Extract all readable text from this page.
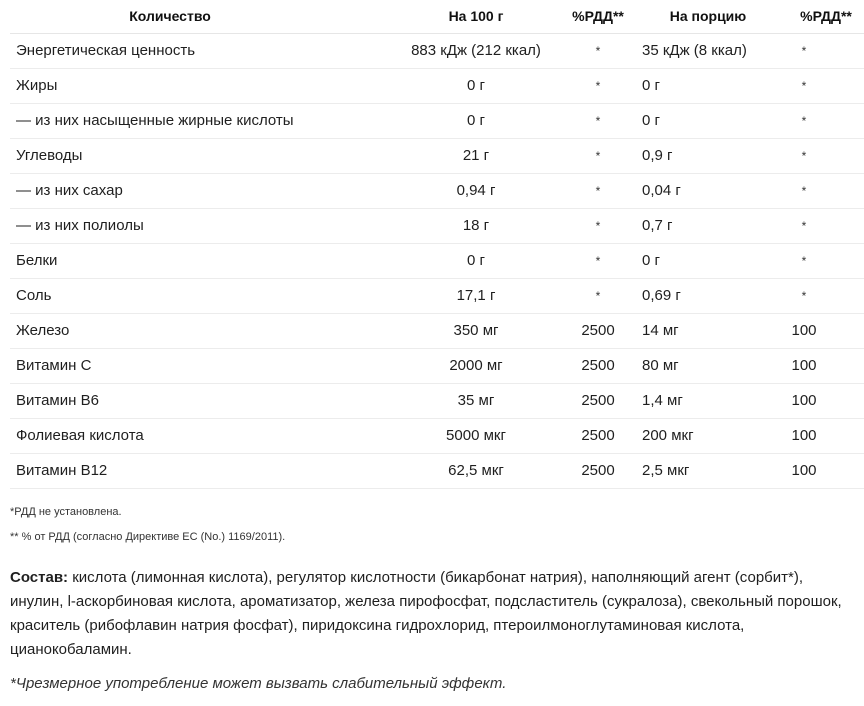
Количество	На 100 г	%РДД**	На порцию	%РДД**
Энергетическая ценность	883 кДж (212 ккал)	*	35 кДж (8 ккал)	*
Жиры	0 г	*	0 г	*
— из них насыщенные жирные кислоты	0 г	*	0 г	*
Углеводы	21 г	*	0,9 г	*
— из них сахар	0,94 г	*	0,04 г	*
— из них полиолы	18 г	*	0,7 г	*
Белки	0 г	*	0 г	*
Соль	17,1 г	*	0,69 г	*
Железо	350 мг	2500	14 мг	100
Витамин C	2000 мг	2500	80 мг	100
Витамин B6	35 мг	2500	1,4 мг	100
Фолиевая кислота	5000 мкг	2500	200 мкг	100
Витамин B12	62,5 мкг	2500	2,5 мкг	100
*РДД не установлена.
** % от РДД (согласно Директиве ЕС (No.) 1169/2011).
Состав: кислота (лимонная кислота), регулятор кислотности (бикарбонат натрия), наполняющий агент (сорбит*), инулин, l-аскорбиновая кислота, ароматизатор, железа пирофосфат, подсластитель (сукралоза), свекольный порошок, краситель (рибофлавин натрия фосфат), пиридоксина гидрохлорид, птероилмоноглутаминовая кислота, цианокобаламин.
*Чрезмерное употребление может вызвать слабительный эффект.
